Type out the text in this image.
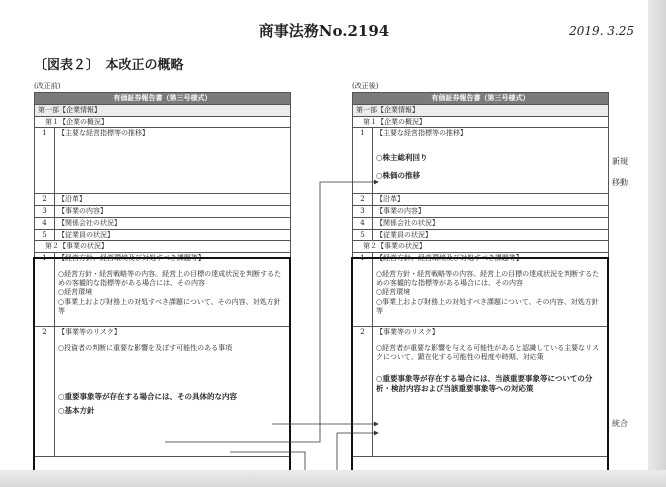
商事法務No.2194	2019. 3.25
〔図表２〕　本改正の概略
(改正前)	(改正後)
有価証券報告書（第三号様式）	
第一部【企業情報】	
第１【企業の概況】	
1	【主要な経営指標等の推移】
2	【沿革】
3	【事業の内容】
4	【関係会社の状況】
5	【従業員の状況】
第２【事業の状況】	
1	【経営方針、経営環境及び対処すべき課題等】
○経営方針・経営戦略等の内容。経営上の目標の達成状況を判断するための客観的な指標等がある場合には、その内容
○経営環境
○事業上および財務上の対処すべき課題について、その内容、対処方針等

2	【事業等のリスク】
○投資者の判断に重要な影響を及ぼす可能性のある事項
○重要事象等が存在する場合には、その具体的な内容
○基本方針
有価証券報告書（第三号様式）	
第一部【企業情報】	
第１【企業の概況】	
1	【主要な経営指標等の推移】
○株主総利回り
○株価の推移

2	【沿革】
3	【事業の内容】
4	【関係会社の状況】
5	【従業員の状況】
第２【事業の状況】	
1	【経営方針、経営環境及び対処すべき課題等】
○経営方針・経営戦略等の内容。経営上の目標の達成状況を判断するための客観的な指標等がある場合には、その内容
○経営環境
○事業上および財務上の対処すべき課題について、その内容、対処方針等

2	【事業等のリスク】
○経営者が重要な影響を与える可能性があると認識している主要なリスクについて、顕在化する可能性の程度や時期、対応策
○重要事象等が存在する場合には、当該重要事象等についての分析・検討内容および当該重要事象等への対応策
新規
移動
統合
